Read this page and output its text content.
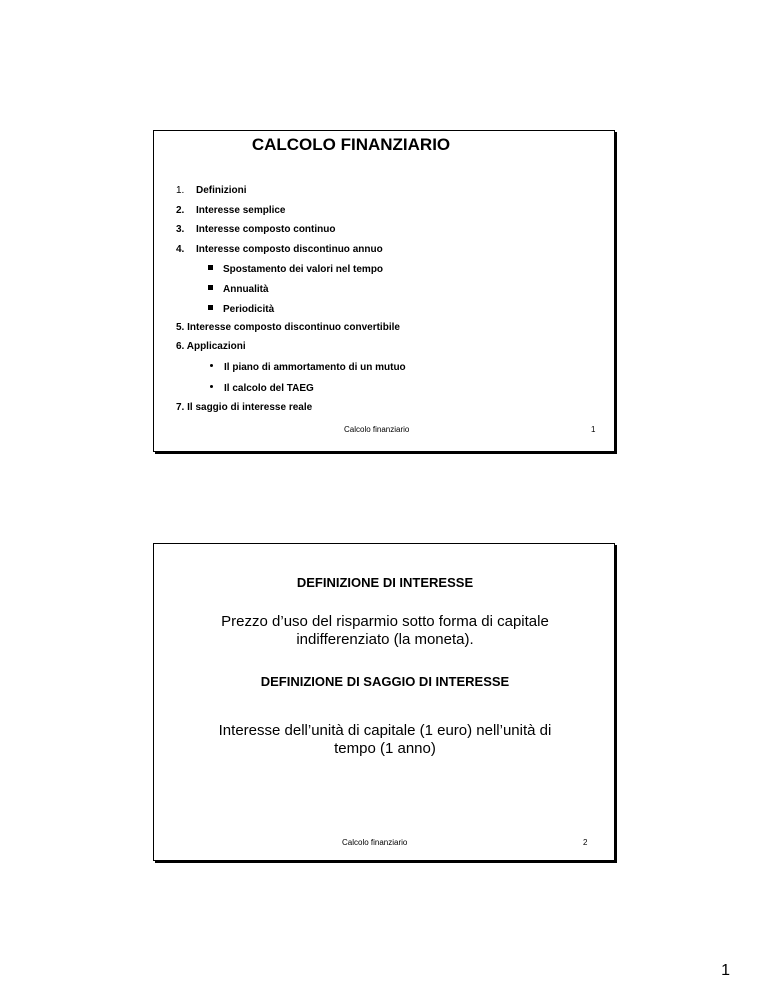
CALCOLO FINANZIARIO
1. Definizioni
2. Interesse semplice
3. Interesse composto continuo
4. Interesse composto discontinuo annuo
Spostamento dei valori nel tempo
Annualità
Periodicità
5. Interesse composto discontinuo convertibile
6. Applicazioni
Il piano di ammortamento di un mutuo
Il calcolo del TAEG
7. Il saggio di interesse reale
Calcolo finanziario	1
DEFINIZIONE DI INTERESSE
Prezzo d’uso del risparmio sotto forma di capitale indifferenziato (la moneta).
DEFINIZIONE DI SAGGIO DI INTERESSE
Interesse dell’unità di capitale (1 euro) nell’unità di tempo (1 anno)
Calcolo finanziario	2
1
